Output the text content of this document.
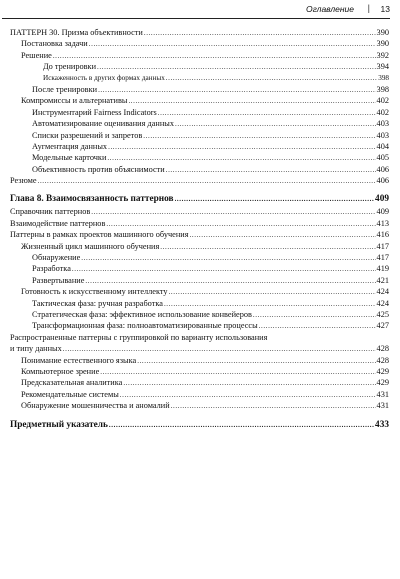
Оглавление | 13
ПАТТЕРН 30. Призма объективности .....	390
Постановка задачи .....	390
Решение .....	392
До тренировки .....	394
Искаженность в других формах данных .....	398
После тренировки .....	398
Компромиссы и альтернативы .....	402
Инструментарий Fairness Indicators .....	402
Автоматизирование оценивания данных .....	403
Списки разрешений и запретов .....	403
Аугментация данных .....	404
Модельные карточки .....	405
Объективность против объяснимости .....	406
Резюме .....	406
Глава 8. Взаимосвязанность паттернов .....	409
Справочник паттернов .....	409
Взаимодействие паттернов .....	413
Паттерны в рамках проектов машинного обучения .....	416
Жизненный цикл машинного обучения .....	417
Обнаружение .....	417
Разработка .....	419
Развертывание .....	421
Готовность к искусственному интеллекту .....	424
Тактическая фаза: ручная разработка .....	424
Стратегическая фаза: эффективное использование конвейеров .....	425
Трансформационная фаза: полноавтоматизированные процессы .....	427
Распространенные паттерны с группировкой по варианту использования
и типу данных .....	428
Понимание естественного языка .....	428
Компьютерное зрение .....	429
Предсказательная аналитика .....	429
Рекомендательные системы .....	431
Обнаружение мошенничества и аномалий .....	431
Предметный указатель .....	433
